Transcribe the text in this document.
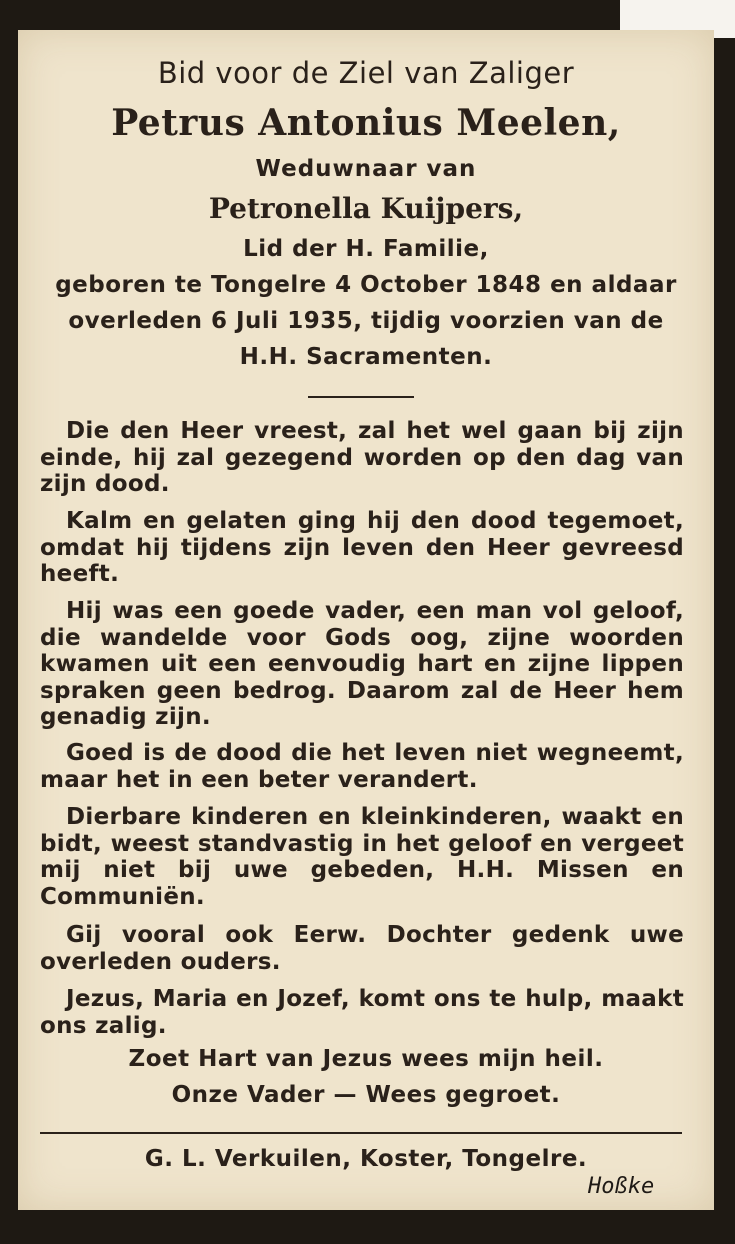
Bid voor de Ziel van Zaliger
Petrus Antonius Meelen,
Weduwnaar van
Petronella Kuijpers,
Lid der H. Familie,
geboren te Tongelre 4 October 1848 en aldaar
overleden 6 Juli 1935, tijdig voorzien van de
H.H. Sacramenten.
Die den Heer vreest, zal het wel gaan bij zijn einde, hij zal gezegend worden op den dag van zijn dood.
Kalm en gelaten ging hij den dood tegemoet, omdat hij tijdens zijn leven den Heer gevreesd heeft.
Hij was een goede vader, een man vol geloof, die wandelde voor Gods oog, zijne woorden kwamen uit een eenvoudig hart en zijne lippen spraken geen bedrog. Daarom zal de Heer hem genadig zijn.
Goed is de dood die het leven niet wegneemt, maar het in een beter verandert.
Dierbare kinderen en kleinkinderen, waakt en bidt, weest standvastig in het geloof en vergeet mij niet bij uwe gebeden, H.H. Missen en Communiën.
Gij vooral ook Eerw. Dochter gedenk uwe overleden ouders.
Jezus, Maria en Jozef, komt ons te hulp, maakt ons zalig.
Zoet Hart van Jezus wees mijn heil.
Onze Vader — Wees gegroet.
G. L. Verkuilen, Koster, Tongelre.
Hoßke
